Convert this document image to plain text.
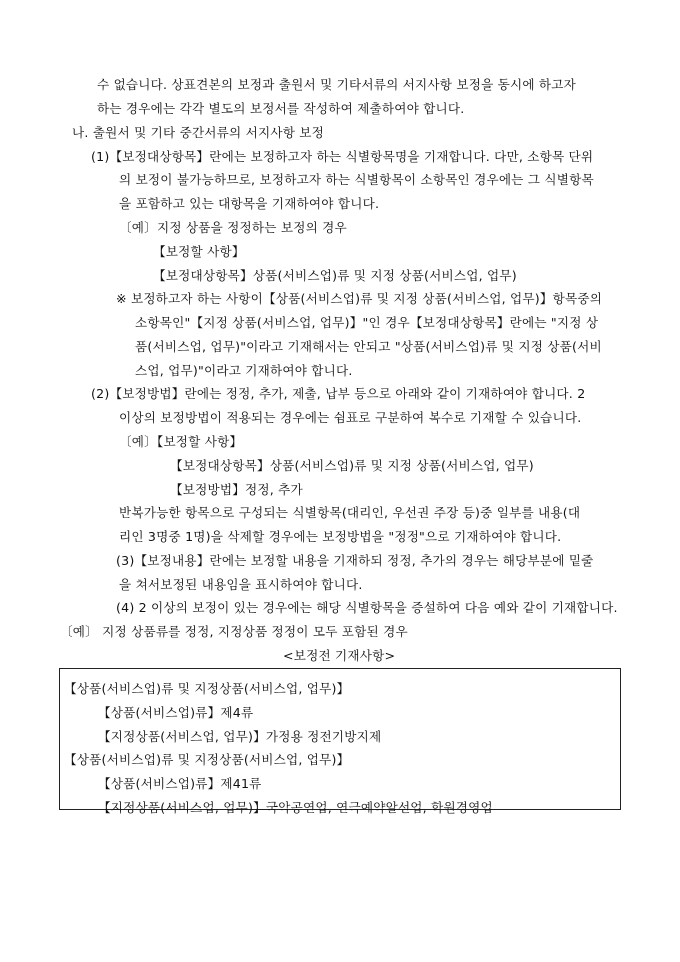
수 없습니다. 상표견본의 보정과 출원서 및 기타서류의 서지사항 보정을 동시에 하고자
하는 경우에는 각각 별도의 보정서를 작성하여 제출하여야 합니다.
나. 출원서 및 기타 중간서류의 서지사항 보정
(1)【보정대상항목】란에는 보정하고자 하는 식별항목명을 기재합니다. 다만, 소항목 단위
의 보정이 불가능하므로, 보정하고자 하는 식별항목이 소항목인 경우에는 그 식별항목
을 포함하고 있는 대항목을 기재하여야 합니다.
〔예〕지정 상품을 정정하는 보정의 경우
【보정할 사항】
【보정대상항목】상품(서비스업)류 및 지정 상품(서비스업, 업무)
※ 보정하고자 하는 사항이【상품(서비스업)류 및 지정 상품(서비스업, 업무)】항목중의
소항목인"【지정 상품(서비스업, 업무)】"인 경우【보정대상항목】란에는 "지정 상
품(서비스업, 업무)"이라고 기재해서는 안되고 "상품(서비스업)류 및 지정 상품(서비
스업, 업무)"이라고 기재하여야 합니다.
(2)【보정방법】란에는 정정, 추가, 제출, 납부 등으로 아래와 같이 기재하여야 합니다. 2
이상의 보정방법이 적용되는 경우에는 쉼표로 구분하여 복수로 기재할 수 있습니다.
〔예〕【보정할 사항】
【보정대상항목】상품(서비스업)류 및 지정 상품(서비스업, 업무)
【보정방법】정정, 추가
반복가능한 항목으로 구성되는 식별항목(대리인, 우선권 주장 등)중 일부를 내용(대
리인 3명중 1명)을 삭제할 경우에는 보정방법을 "정정"으로 기재하여야 합니다.
(3)【보정내용】란에는 보정할 내용을 기재하되 정정, 추가의 경우는 해당부분에 밑줄
을 쳐서보정된 내용임을 표시하여야 합니다.
(4) 2 이상의 보정이 있는 경우에는 해당 식별항목을 증설하여 다음 예와 같이 기재합니다.
〔예〕 지정 상품류를 정정, 지정상품 정정이 모두 포함된 경우
<보정전 기재사항>
【상품(서비스업)류 및 지정상품(서비스업, 업무)】
【상품(서비스업)류】제4류
【지정상품(서비스업, 업무)】가정용 정전기방지제
【상품(서비스업)류 및 지정상품(서비스업, 업무)】
【상품(서비스업)류】제41류
【지정상품(서비스업, 업무)】국악공연업, 연극예약알선업, 학원경영업
